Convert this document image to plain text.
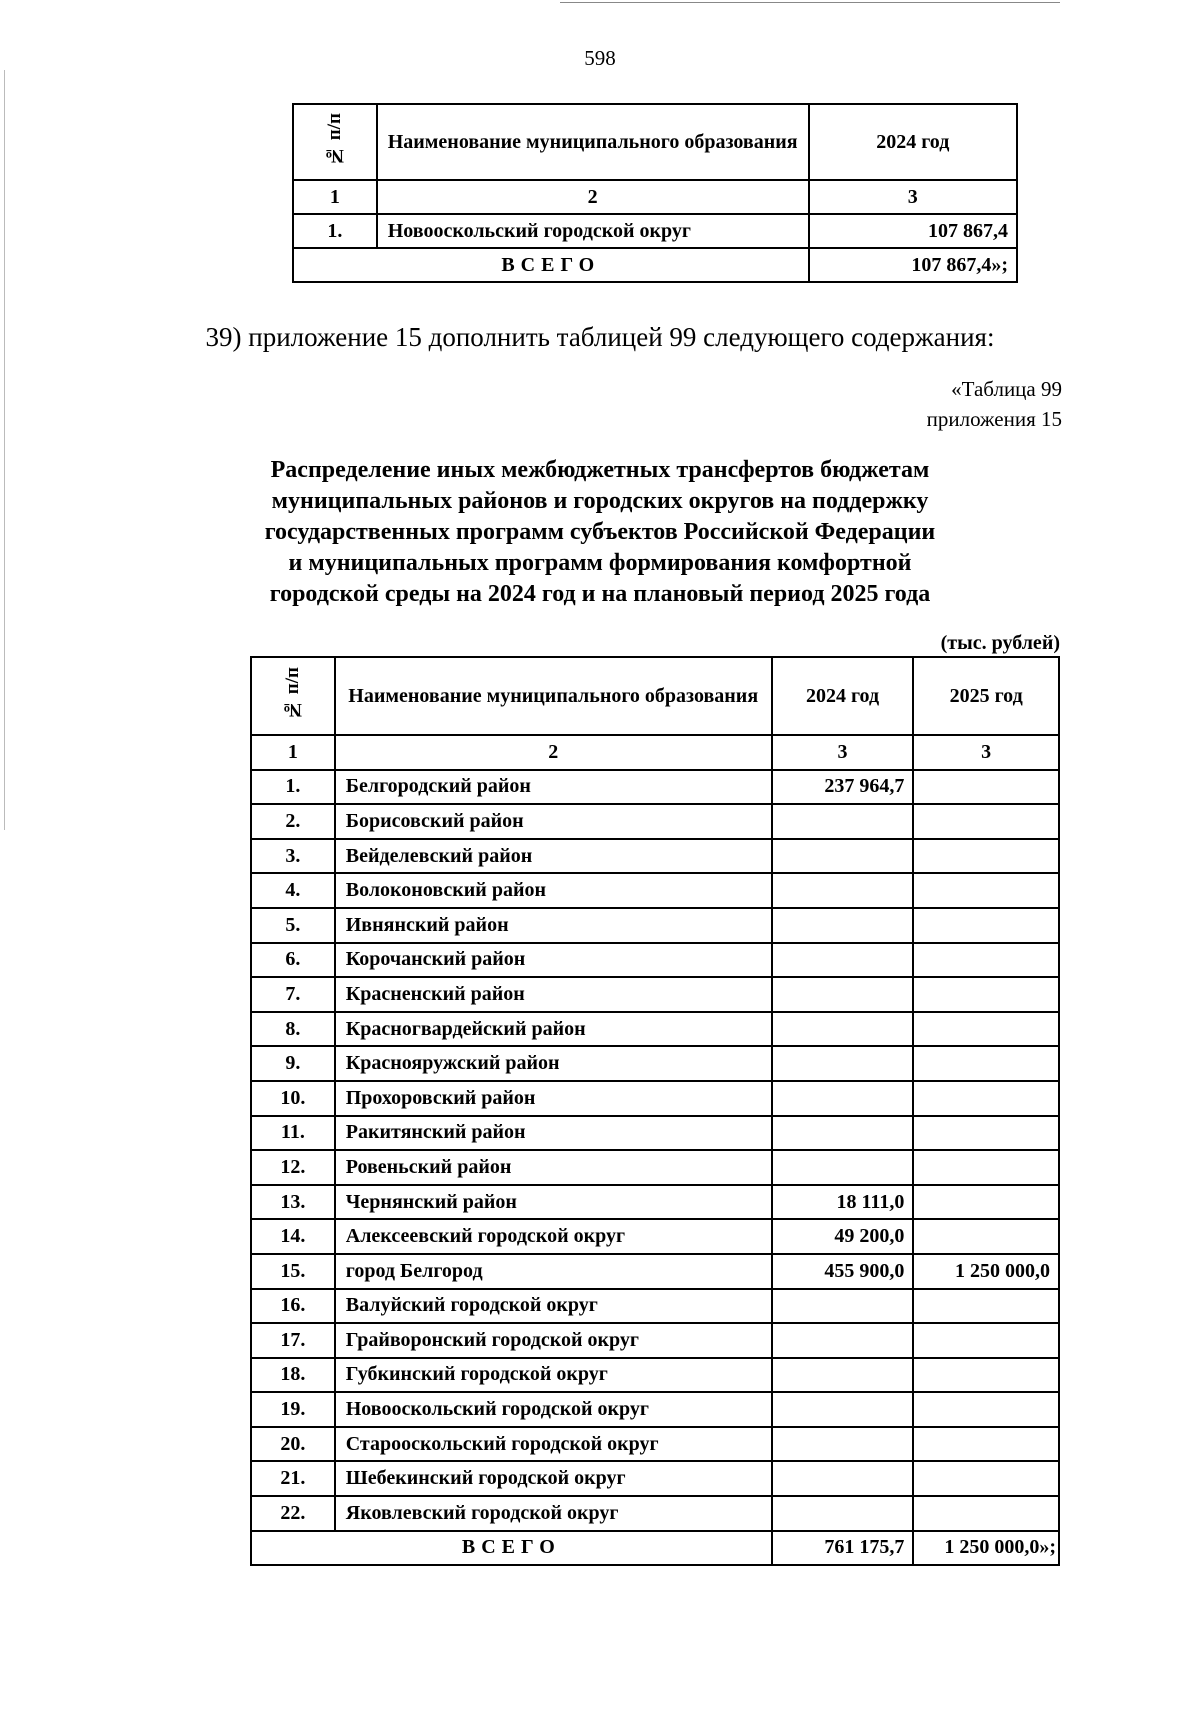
598
№ п/п	Наименование муниципального образования	2024 год
1	2	3
1.	Новооскольский городской округ	107 867,4
ВСЕГО		107 867,4»;
39) приложение 15 дополнить таблицей 99 следующего содержания:
«Таблица 99
приложения 15
Распределение иных межбюджетных трансфертов бюджетам
муниципальных районов и городских округов на поддержку
государственных программ субъектов Российской Федерации
и муниципальных программ формирования комфортной
городской среды на 2024 год и на плановый период 2025 года
(тыс. рублей)
№ п/п	Наименование муниципального образования	2024 год	2025 год
1	2	3	3
1.	Белгородский район	237 964,7	
2.	Борисовский район		
3.	Вейделевский район		
4.	Волоконовский район		
5.	Ивнянский район		
6.	Корочанский район		
7.	Красненский район		
8.	Красногвардейский район		
9.	Краснояружский район		
10.	Прохоровский район		
11.	Ракитянский район		
12.	Ровеньский район		
13.	Чернянский район	18 111,0	
14.	Алексеевский городской округ	49 200,0	
15.	город Белгород	455 900,0	1 250 000,0
16.	Валуйский городской округ		
17.	Грайворонский городской округ		
18.	Губкинский городской округ		
19.	Новооскольский городской округ		
20.	Старооскольский городской округ		
21.	Шебекинский городской округ		
22.	Яковлевский городской округ		
ВСЕГО		761 175,7	1 250 000,0»;
